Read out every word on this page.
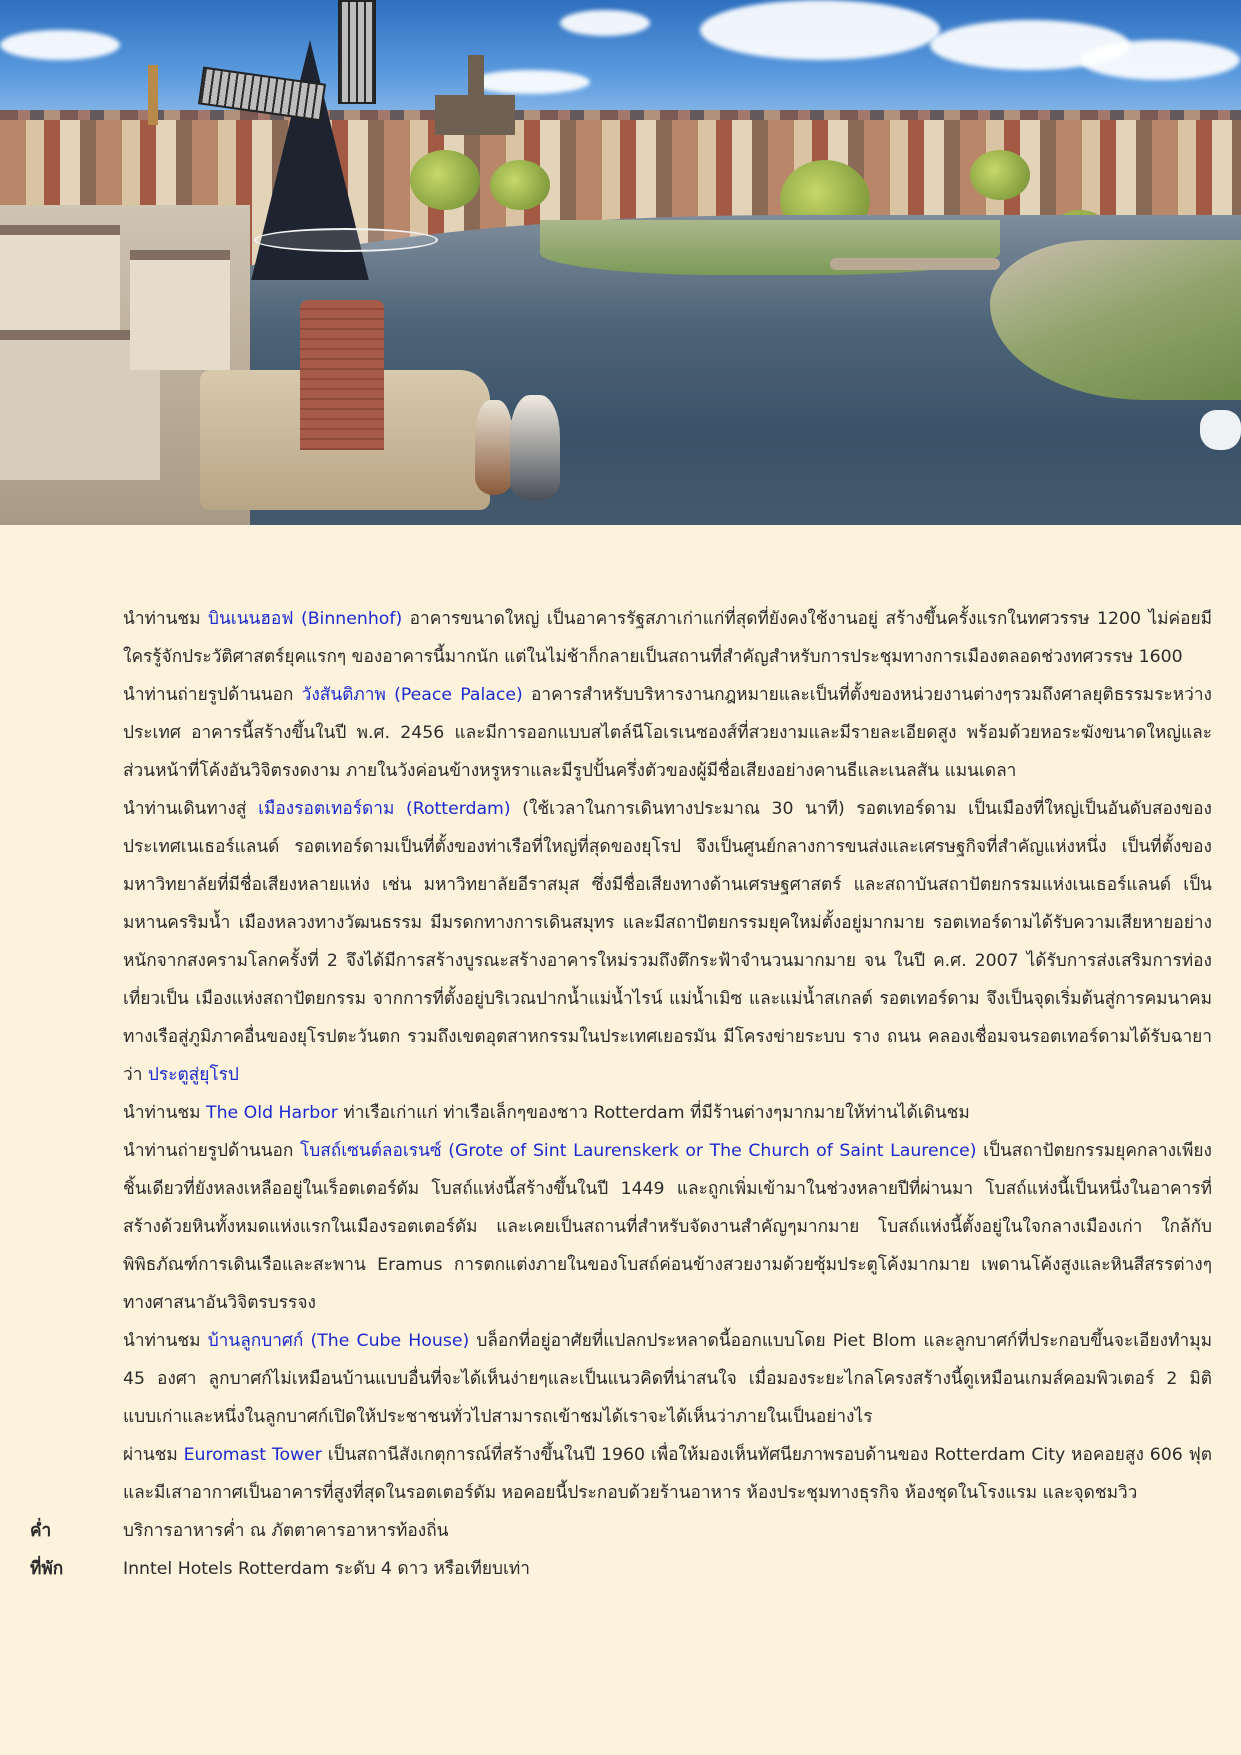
นำท่านชม บินเนนฮอฟ (Binnenhof) อาคารขนาดใหญ่ เป็นอาคารรัฐสภาเก่าแก่ที่สุดที่ยังคงใช้งานอยู่ สร้างขึ้นครั้งแรกในทศวรรษ 1200 ไม่ค่อยมีใครรู้จักประวัติศาสตร์ยุคแรกๆ ของอาคารนี้มากนัก แต่ในไม่ช้าก็กลายเป็นสถานที่สำคัญสำหรับการประชุมทางการเมืองตลอดช่วงทศวรรษ 1600

นำท่านถ่ายรูปด้านนอก วังสันติภาพ (Peace Palace) อาคารสำหรับบริหารงานกฎหมายและเป็นที่ตั้งของหน่วยงานต่างๆรวมถึงศาลยุติธรรมระหว่างประเทศ อาคารนี้สร้างขึ้นในปี พ.ศ. 2456 และมีการออกแบบสไตล์นีโอเรเนซองส์ที่สวยงามและมีรายละเอียดสูง พร้อมด้วยหอระฆังขนาดใหญ่และส่วนหน้าที่โค้งอันวิจิตรงดงาม ภายในวังค่อนข้างหรูหราและมีรูปปั้นครึ่งตัวของผู้มีชื่อเสียงอย่างคานธีและเนลสัน แมนเดลา

นำท่านเดินทางสู่ เมืองรอตเทอร์ดาม (Rotterdam) (ใช้เวลาในการเดินทางประมาณ 30 นาที) รอตเทอร์ดาม เป็นเมืองที่ใหญ่เป็นอันดับสองของประเทศเนเธอร์แลนด์ รอตเทอร์ดามเป็นที่ตั้งของท่าเรือที่ใหญ่ที่สุดของยุโรป จึงเป็นศูนย์กลางการขนส่งและเศรษฐกิจที่สำคัญแห่งหนึ่ง เป็นที่ตั้งของมหาวิทยาลัยที่มีชื่อเสียงหลายแห่ง เช่น มหาวิทยาลัยอีราสมุส ซึ่งมีชื่อเสียงทางด้านเศรษฐศาสตร์ และสถาบันสถาปัตยกรรมแห่งเนเธอร์แลนด์ เป็นมหานครริมน้ำ เมืองหลวงทางวัฒนธรรม มีมรดกทางการเดินสมุทร และมีสถาปัตยกรรมยุคใหม่ตั้งอยู่มากมาย รอตเทอร์ดามได้รับความเสียหายอย่างหนักจากสงครามโลกครั้งที่ 2 จึงได้มีการสร้างบูรณะสร้างอาคารใหม่รวมถึงตึกระฟ้าจำนวนมากมาย จน ในปี ค.ศ. 2007 ได้รับการส่งเสริมการท่องเที่ยวเป็น เมืองแห่งสถาปัตยกรรม จากการที่ตั้งอยู่บริเวณปากน้ำแม่น้ำไรน์ แม่น้ำเมิซ และแม่น้ำสเกลต์ รอตเทอร์ดาม จึงเป็นจุดเริ่มต้นสู่การคมนาคมทางเรือสู่ภูมิภาคอื่นของยุโรปตะวันตก รวมถึงเขตอุตสาหกรรมในประเทศเยอรมัน มีโครงข่ายระบบ ราง ถนน คลองเชื่อมจนรอตเทอร์ดามได้รับฉายาว่า ประตูสู่ยุโรป

นำท่านชม The Old Harbor ท่าเรือเก่าแก่ ท่าเรือเล็กๆของชาว Rotterdam ที่มีร้านต่างๆมากมายให้ท่านได้เดินชม

นำท่านถ่ายรูปด้านนอก โบสถ์เซนต์ลอเรนซ์ (Grote of Sint Laurenskerk or The Church of Saint Laurence) เป็นสถาปัตยกรรมยุคกลางเพียงชิ้นเดียวที่ยังหลงเหลืออยู่ในเร็อตเตอร์ดัม โบสถ์แห่งนี้สร้างขึ้นในปี 1449 และถูกเพิ่มเข้ามาในช่วงหลายปีที่ผ่านมา โบสถ์แห่งนี้เป็นหนึ่งในอาคารที่สร้างด้วยหินทั้งหมดแห่งแรกในเมืองรอตเตอร์ดัม และเคยเป็นสถานที่สำหรับจัดงานสำคัญๆมากมาย โบสถ์แห่งนี้ตั้งอยู่ในใจกลางเมืองเก่า ใกล้กับพิพิธภัณฑ์การเดินเรือและสะพาน Eramus การตกแต่งภายในของโบสถ์ค่อนข้างสวยงามด้วยซุ้มประตูโค้งมากมาย เพดานโค้งสูงและหินสีสรรต่างๆทางศาสนาอันวิจิตรบรรจง

นำท่านชม บ้านลูกบาศก์ (The Cube House) บล็อกที่อยู่อาศัยที่แปลกประหลาดนี้ออกแบบโดย Piet Blom และลูกบาศก์ที่ประกอบขึ้นจะเอียงทำมุม 45 องศา ลูกบาศก์ไม่เหมือนบ้านแบบอื่นที่จะได้เห็นง่ายๆและเป็นแนวคิดที่น่าสนใจ เมื่อมองระยะไกลโครงสร้างนี้ดูเหมือนเกมส์คอมพิวเตอร์ 2 มิติแบบเก่าและหนึ่งในลูกบาศก์เปิดให้ประชาชนทั่วไปสามารถเข้าชมได้เราจะได้เห็นว่าภายในเป็นอย่างไร

ผ่านชม Euromast Tower เป็นสถานีสังเกตุการณ์ที่สร้างขึ้นในปี 1960 เพื่อให้มองเห็นทัศนียภาพรอบด้านของ Rotterdam City หอคอยสูง 606 ฟุตและมีเสาอากาศเป็นอาคารที่สูงที่สุดในรอตเตอร์ดัม หอคอยนี้ประกอบด้วยร้านอาหาร ห้องประชุมทางธุรกิจ ห้องชุดในโรงแรม และจุดชมวิว

ค่ำ	บริการอาหารค่ำ ณ ภัตตาคารอาหารท้องถิ่น
ที่พัก	Inntel Hotels Rotterdam ระดับ 4 ดาว หรือเทียบเท่า
